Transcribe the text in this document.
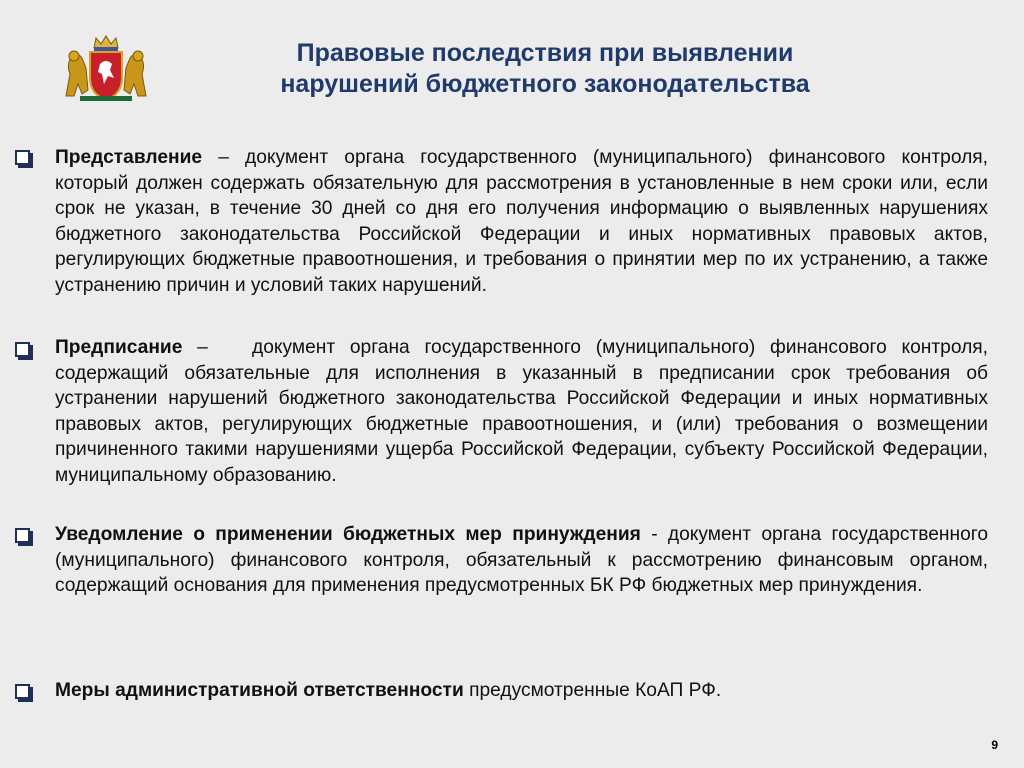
Правовые последствия при выявлении
нарушений бюджетного законодательства

Представление – документ органа государственного (муниципального) финансового контроля, который должен содержать обязательную для рассмотрения в установленные в нем сроки или, если срок не указан, в течение 30 дней со дня его получения информацию о выявленных нарушениях бюджетного законодательства Российской Федерации и иных нормативных правовых актов, регулирующих бюджетные правоотношения, и требования о принятии мер по их устранению, а также устранению причин и условий таких нарушений.

Предписание –   документ органа государственного (муниципального) финансового контроля, содержащий обязательные для исполнения в указанный в предписании срок требования об устранении нарушений бюджетного законодательства Российской Федерации и иных нормативных правовых актов, регулирующих бюджетные правоотношения, и (или) требования о возмещении причиненного такими нарушениями ущерба Российской Федерации, субъекту Российской Федерации, муниципальному образованию.

Уведомление о применении бюджетных мер принуждения - документ органа государственного (муниципального) финансового контроля, обязательный к рассмотрению финансовым органом, содержащий основания для применения предусмотренных БК РФ бюджетных мер принуждения.

Меры административной ответственности предусмотренные КоАП РФ.

9
